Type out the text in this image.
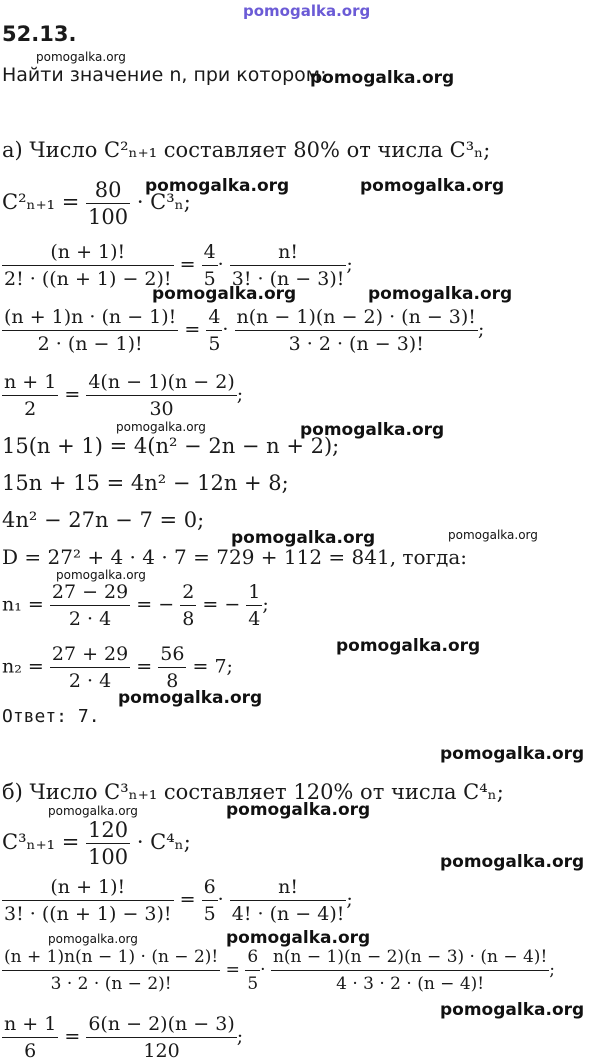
pomogalka.org
52.13.
pomogalka.org
Найти значение n, при котором:
pomogalka.org
а) Число C²ₙ₊₁ составляет 80% от числа C³ₙ;
$C^2_{n+1} = \frac{80}{100} \cdot C^3_n$;
pomogalka.org	pomogalka.org
$\frac{(n + 1)!}{2! \cdot ((n + 1) - 2)!} = \frac{4}{5} \cdot \frac{n!}{3! \cdot (n - 3)!}$ ;
pomogalka.org	pomogalka.org
$\frac{(n + 1)n \cdot (n - 1)!}{2 \cdot (n - 1)!} = \frac{4}{5} \cdot \frac{n(n - 1)(n - 2) \cdot (n - 3)!}{3 \cdot 2 \cdot (n - 3)!}$ ;
$\frac{n + 1}{2} = \frac{4(n - 1)(n - 2)}{30}$ ;
pomogalka.org	pomogalka.org
15(n + 1) = 4(n² − 2n − n + 2);
15n + 15 = 4n² − 12n + 8;
4n² − 27n − 7 = 0;
pomogalka.org	pomogalka.org
D = 27² + 4 · 4 · 7 = 729 + 112 = 841, тогда:
pomogalka.org
$n_1 = \frac{27 - 29}{2 \cdot 4}$ = − $\frac{2}{8}$ = − $\frac{1}{4}$ ;
pomogalka.org
$n_2 = \frac{27 + 29}{2 \cdot 4} = \frac{56}{8} = 7$;
pomogalka.org
Ответ: 7.
pomogalka.org
б) Число C³ₙ₊₁ составляет 120% от числа C⁴ₙ;
pomogalka.org	pomogalka.org
$C^3_{n+1} = \frac{120}{100} \cdot C^4_n$;
pomogalka.org
$\frac{(n + 1)!}{3! \cdot ((n + 1) - 3)!} = \frac{6}{5} \cdot \frac{n!}{4! \cdot (n - 4)!}$ ;
pomogalka.org	pomogalka.org
$\frac{(n + 1)n(n - 1) \cdot (n - 2)!}{3 \cdot 2 \cdot (n - 2)!} = \frac{6}{5} \cdot \frac{n(n - 1)(n - 2)(n - 3) \cdot (n - 4)!}{4 \cdot 3 \cdot 2 \cdot (n - 4)!}$ ;
pomogalka.org
$\frac{n + 1}{6} = \frac{6(n - 2)(n - 3)}{120}$ ;
